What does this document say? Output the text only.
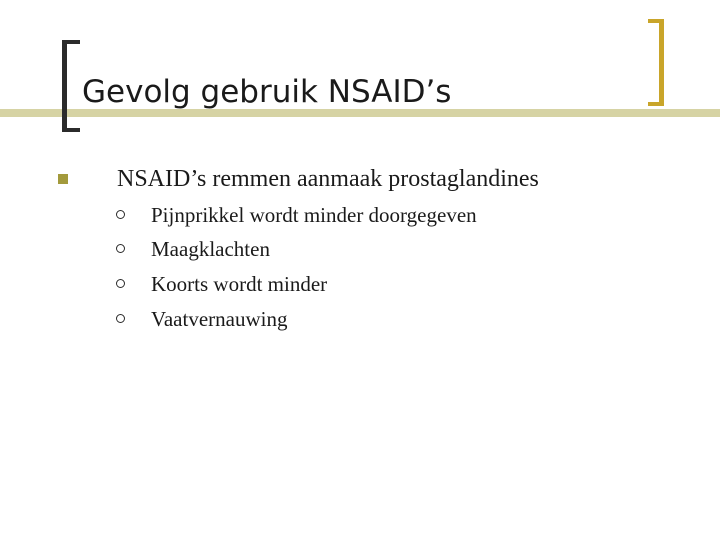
Gevolg gebruik NSAID’s
NSAID’s remmen aanmaak prostaglandines
Pijnprikkel wordt minder doorgegeven
Maagklachten
Koorts wordt minder
Vaatvernauwing
